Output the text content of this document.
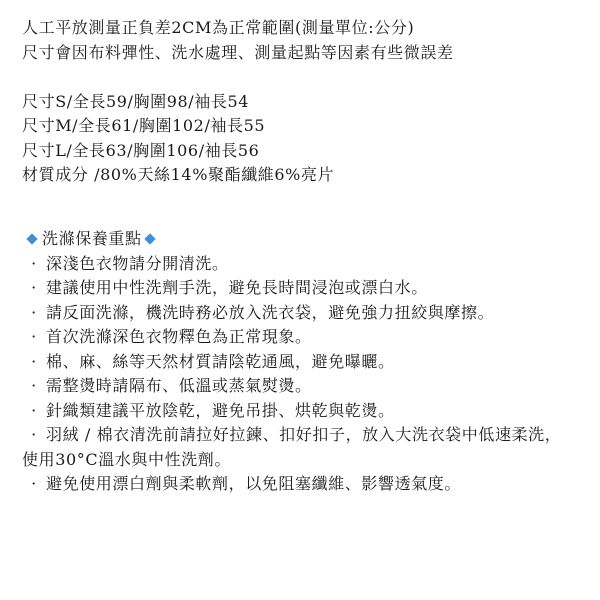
人工平放測量正負差2CM為正常範圍(測量單位:公分)
尺寸會因布料彈性、洗水處理、測量起點等因素有些微誤差
尺寸S/全長59/胸圍98/袖長54
尺寸M/全長61/胸圍102/袖長55
尺寸L/全長63/胸圍106/袖長56
材質成分 /80%天絲14%聚酯纖維6%亮片
洗滌保養重點
· 深淺色衣物請分開清洗。
· 建議使用中性洗劑手洗，避免長時間浸泡或漂白水。
· 請反面洗滌，機洗時務必放入洗衣袋，避免強力扭絞與摩擦。
· 首次洗滌深色衣物釋色為正常現象。
· 棉、麻、絲等天然材質請陰乾通風，避免曝曬。
· 需整燙時請隔布、低溫或蒸氣熨燙。
· 針織類建議平放陰乾，避免吊掛、烘乾與乾燙。
· 羽絨 / 棉衣清洗前請拉好拉鍊、扣好扣子，放入大洗衣袋中低速柔洗，使用30°C溫水與中性洗劑。
· 避免使用漂白劑與柔軟劑，以免阻塞纖維、影響透氣度。
